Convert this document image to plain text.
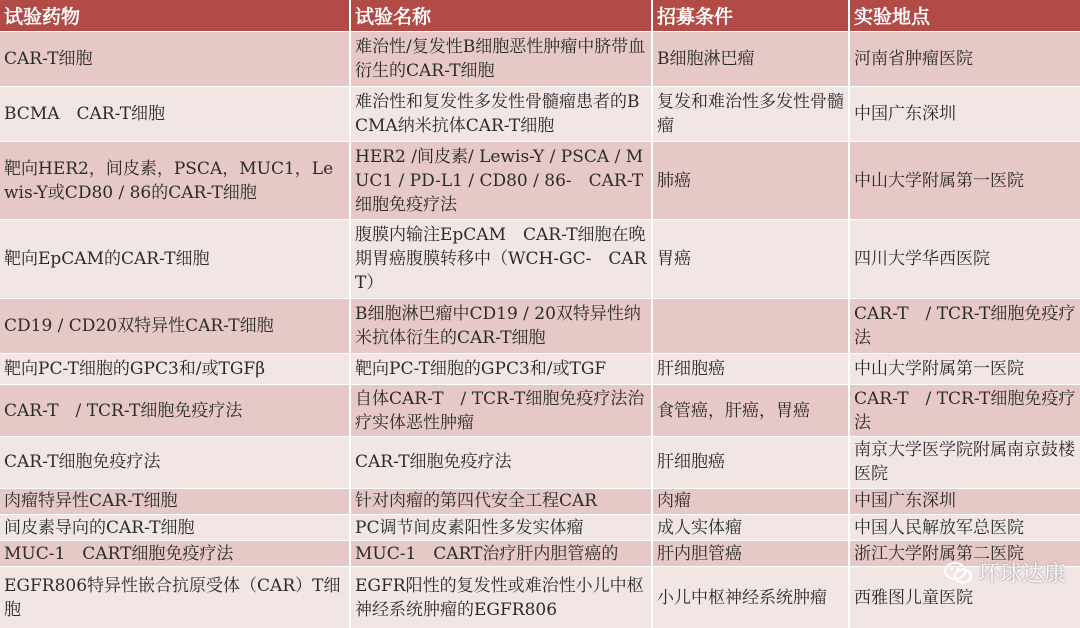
试验药物	试验名称	招募条件	实验地点
CAR-T细胞	难治性/复发性B细胞恶性肿瘤中脐带血衍生的CAR-T细胞	B细胞淋巴瘤	河南省肿瘤医院
BCMA　CAR-T细胞	难治性和复发性多发性骨髓瘤患者的BCMA纳米抗体CAR-T细胞	复发和难治性多发性骨髓瘤	中国广东深圳
靶向HER2，间皮素，PSCA，MUC1，Lewis-Y或CD80 / 86的CAR-T细胞	HER2 /间皮素/ Lewis-Y / PSCA / MUC1 / PD-L1 / CD80 / 86-　CAR-T细胞免疫疗法	肺癌	中山大学附属第一医院
靶向EpCAM的CAR-T细胞	腹膜内输注EpCAM　CAR-T细胞在晚期胃癌腹膜转移中（WCH-GC-　CART）	胃癌	四川大学华西医院
CD19 / CD20双特异性CAR-T细胞	B细胞淋巴瘤中CD19 / 20双特异性纳米抗体衍生的CAR-T细胞		CAR-T　/ TCR-T细胞免疫疗法
靶向PC-T细胞的GPC3和/或TGFβ	靶向PC-T细胞的GPC3和/或TGF	肝细胞癌	中山大学附属第一医院
CAR-T　/ TCR-T细胞免疫疗法	自体CAR-T　/ TCR-T细胞免疫疗法治疗实体恶性肿瘤	食管癌，肝癌，胃癌	CAR-T　/ TCR-T细胞免疫疗法
CAR-T细胞免疫疗法	CAR-T细胞免疫疗法	肝细胞癌	南京大学医学院附属南京鼓楼医院
肉瘤特异性CAR-T细胞	针对肉瘤的第四代安全工程CAR	肉瘤	中国广东深圳
间皮素导向的CAR-T细胞	PC调节间皮素阳性多发实体瘤	成人实体瘤	中国人民解放军总医院
MUC-1　CART细胞免疫疗法	MUC-1　CART治疗肝内胆管癌的	肝内胆管癌	浙江大学附属第二医院
EGFR806特异性嵌合抗原受体（CAR）T细胞	EGFR阳性的复发性或难治性小儿中枢神经系统肿瘤的EGFR806	小儿中枢神经系统肿瘤	西雅图儿童医院
环球达康
